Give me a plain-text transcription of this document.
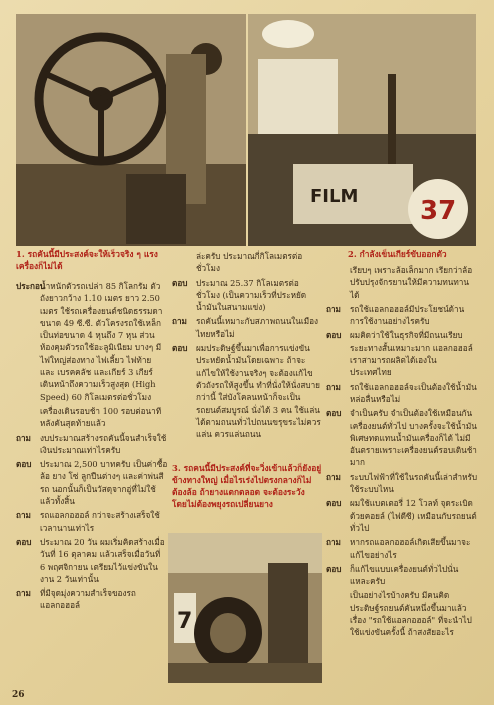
FILM 37
1. รถคันนี้มีประสงค์จะให้เร็วจริง ๆ แรงเครื่องก็ไม่ได้
2. กำลังเข็นเกียร์ขับออกตัว
3. รถคนนี้มีประสงค์ที่จะวิ่งเข้าแล้วก็ยังอยู่ข้างทางใหญ่ เมื่อไรเร่งไปตรงกลางก็ไม่ต้องล้อ ถ้ายางแตกตลอด จะต้องระวัง โดยไม่ต้องพยุงรถเปลี่ยนยาง
ประกอบ
น้ำหนักตัวรถเปล่า 85 กิโลกรัม ตัวถังยาวกว้าง 1.10 เมตร ยาว 2.50 เมตร ใช้รถเครื่องยนต์ชนิดธรรมดาขนาด 49 ซี.ซี. ตัวโครงรถใช้เหล็กเป็นท่อขนาด 4 หุนถึง 7 หุน ส่วนห้องคุมตัวรถใช้อะลูมิเนียม บางๆ มีไฟใหญ่ส่องทาง ไฟเลี้ยว ไฟท้าย และ เบรคคลัช และเกียร์ 3 เกียร์ เดินหน้าถึงความเร็วสูงสุด (High Speed) 60 กิโลเมตรต่อชั่วโมง
เครื่องเดินรอบช้า 100 รอบต่อนาที หลังคันสุดท้ายแล้ว
ถาม	งบประมาณสร้างรถคันนี้จนสำเร็จใช้เงินประมาณเท่าไรครับ
ตอบ	ประมาณ 2,500 บาทครับ เป็นค่าซื้อล้อ ยาง โซ่ ลูกปืนต่างๆ และค่าพ่นสีรถ นอกนั้นก็เป็นวัสดุจากอู่ที่ไม่ใช้แล้วทั้งสิ้น
ถาม	รถแอลกอฮอล์ กว่าจะสร้างเสร็จใช้เวลานานเท่าไร
ตอบ	ประมาณ 20 วัน ผมเริ่มคิดสร้างเมื่อวันที่ 16 ตุลาคม แล้วเสร็จเมื่อวันที่ 6 พฤศจิกายน เตรียมไว้แข่งขันในงาน 2 วันเท่านั้น
ถาม	ที่มีจุดมุ่งความสำเร็จของรถแอลกอฮอล์
ล่ะครับ ประมาณกี่กิโลเมตรต่อชั่วโมง
ตอบ	ประมาณ 25.37 กิโลเมตรต่อชั่วโมง (เป็นความเร็วที่ประหยัดน้ำมันในสนามแข่ง)
ถาม	รถคันนี้เหมาะกับสภาพถนนในเมืองไทยหรือไม่
ตอบ	ผมประดิษฐ์ขึ้นมาเพื่อการแข่งขันประหยัดน้ำมันโดยเฉพาะ ถ้าจะแก้ไขให้ใช้งานจริงๆ จะต้องแก้ไขตัวถังรถให้สูงขึ้น ทำที่นั่งให้นั่งสบายกว่านี้ ใส่บังโคลนหน้าก็จะเป็นรถยนต์สมบูรณ์ นั่งได้ 3 คน ใช้แล่นได้ตามถนนทั่วไปถนนขรุขระไม่ควรแล่น ควรแล่นถนน
7
เรียบๆ เพราะล้อเล็กมาก เรียกว่าล้อปรับปรุงจักรยานให้มีความทนทานได้
ถาม	รถใช้แอลกอฮอล์มีประโยชน์ด้านการใช้งานอย่างไรครับ
ตอบ	ผมคิดว่าใช้ในธุรกิจที่มีถนนเรียบระยะทางสั้นเหมาะมาก แอลกอฮอล์เราสามารถผลิตได้เองในประเทศไทย
ถาม	รถใช้แอลกอฮอล์จะเป็นต้องใช้น้ำมันหล่อลื่นหรือไม่
ตอบ	จำเป็นครับ จำเป็นต้องใช้เหมือนกันเครื่องยนต์ทั่วไป บางครั้งจะใช้น้ำมันพิเศษทดแทนน้ำมันเครื่องก็ได้ ไม่มีอันตรายเพราะเครื่องยนต์รอบเดินช้ามาก
ถาม	ระบบไฟฟ้าที่ใช้ในรถคันนี้เล่าสำหรับใช้ระบบไหน
ตอบ	ผมใช้แบตเตอรี่ 12 โวลท์ จุดระเบิดด้วยคอยล์ (ไฟดีซี) เหมือนกับรถยนต์ทั่วไป
ถาม	หากรถแอลกอฮอล์เกิดเสียขึ้นมาจะแก้ไขอย่างไร
ตอบ	ก็แก้ไขแบบเครื่องยนต์ทั่วไปนั่นแหละครับ
เป็นอย่างไรบ้างครับ มีคนคิดประดิษฐ์รถยนต์คันหนึ่งขึ้นมาแล้วเรื่อง "รถใช้แอลกอฮอล์" ที่จะนำไปใช้แข่งขันครั้งนี้ ถ้าสงสัยอะไร
26
